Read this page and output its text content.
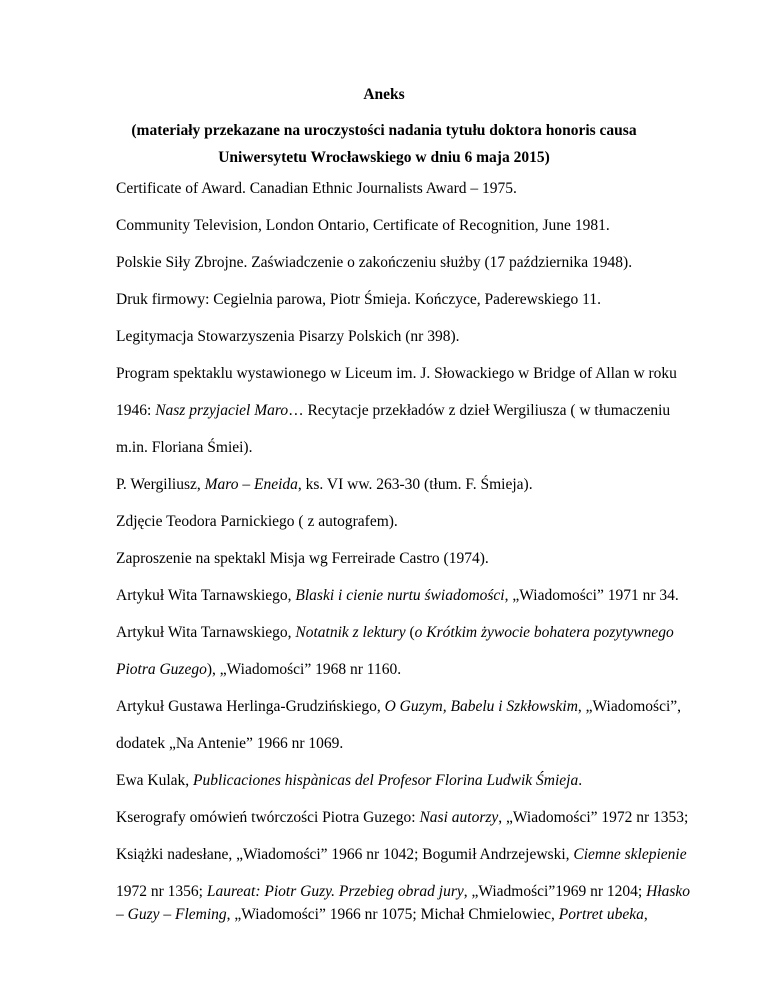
Aneks
(materiały przekazane na uroczystości nadania tytułu doktora honoris causa
Uniwersytetu Wrocławskiego w dniu 6 maja 2015)
Certificate of Award. Canadian Ethnic Journalists Award – 1975.
Community Television, London Ontario, Certificate of Recognition, June 1981.
Polskie Siły Zbrojne. Zaświadczenie o zakończeniu służby (17 października 1948).
Druk firmowy: Cegielnia parowa, Piotr Śmieja. Kończyce, Paderewskiego 11.
Legitymacja Stowarzyszenia Pisarzy Polskich (nr 398).
Program spektaklu wystawionego w Liceum im. J. Słowackiego w Bridge of Allan w roku
1946: Nasz przyjaciel Maro… Recytacje przekładów z dzieł Wergiliusza ( w tłumaczeniu
m.in. Floriana Śmiei).
P. Wergiliusz, Maro – Eneida, ks. VI ww. 263-30 (tłum. F. Śmieja).
Zdjęcie Teodora Parnickiego ( z autografem).
Zaproszenie na spektakl Misja wg Ferreirade Castro (1974).
Artykuł Wita Tarnawskiego, Blaski i cienie nurtu świadomości, „Wiadomości” 1971 nr 34.
Artykuł Wita Tarnawskiego, Notatnik z lektury (o Krótkim żywocie bohatera pozytywnego
Piotra Guzego), „Wiadomości” 1968 nr 1160.
Artykuł Gustawa Herlinga-Grudzińskiego, O Guzym, Babelu i Szkłowskim, „Wiadomości”,
dodatek „Na Antenie” 1966 nr 1069.
Ewa Kulak, Publicaciones hispànicas del Profesor Florina Ludwik Śmieja.
Kserografy omówień twórczości Piotra Guzego: Nasi autorzy, „Wiadomości” 1972 nr 1353;
Książki nadesłane, „Wiadomości” 1966 nr 1042; Bogumił Andrzejewski, Ciemne sklepienie
1972 nr 1356; Laureat: Piotr Guzy. Przebieg obrad jury, „Wiadmości”1969 nr 1204; Hłasko
– Guzy – Fleming, „Wiadomości” 1966 nr 1075; Michał Chmielowiec, Portret ubeka,
